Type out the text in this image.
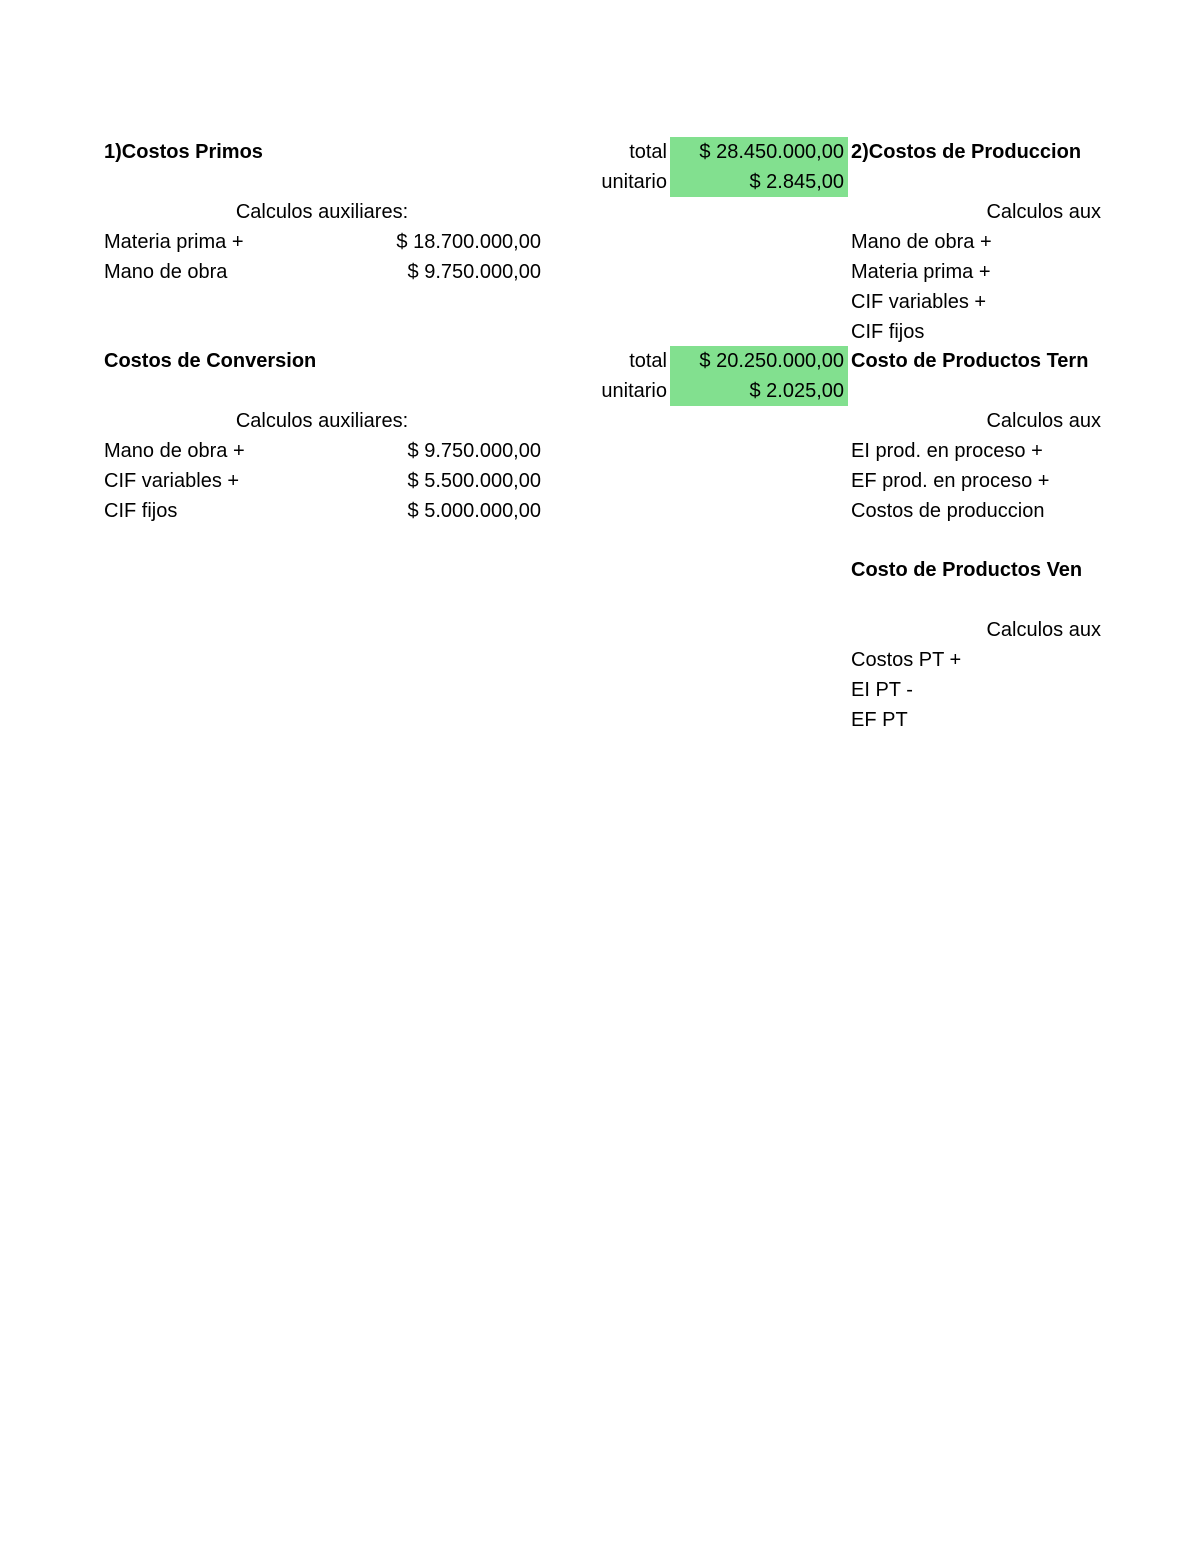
1)Costos Primos	total	$ 28.450.000,00
unitario	$ 2.845,00
Calculos auxiliares:
Materia prima +	$ 18.700.000,00
Mano de obra	$ 9.750.000,00
Costos de Conversion	total	$ 20.250.000,00
unitario	$ 2.025,00
Calculos auxiliares:
Mano de obra +	$ 9.750.000,00
CIF variables +	$ 5.500.000,00
CIF fijos	$ 5.000.000,00
2)Costos de Produccion
Calculos aux
Mano de obra +
Materia prima +
CIF variables +
CIF fijos
Costo de Productos Tern
Calculos aux
EI prod. en proceso +
EF prod. en proceso +
Costos de produccion
Costo de Productos Ven
Calculos aux
Costos PT +
EI PT -
EF PT
